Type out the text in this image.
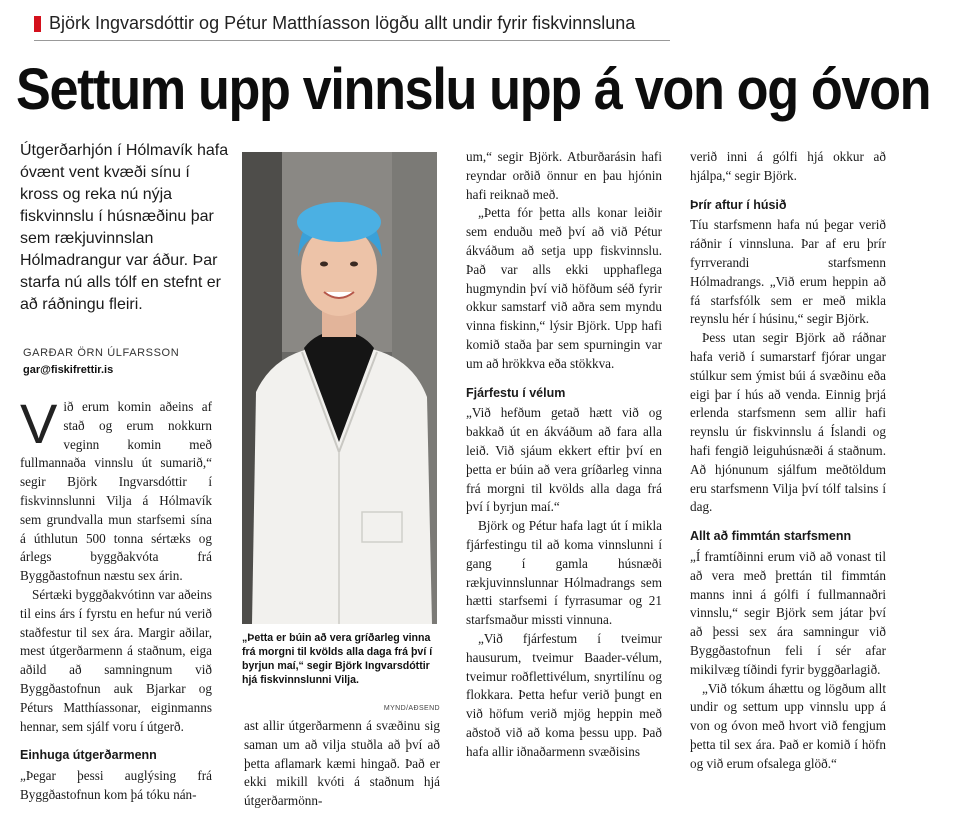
Björk Ingvarsdóttir og Pétur Matthíasson lögðu allt undir fyrir fiskvinnsluna
Settum upp vinnslu upp á von og óvon

Útgerðarhjón í Hólmavík hafa óvænt vent kvæði sínu í kross og reka nú nýja fiskvinnslu í húsnæðinu þar sem rækjuvinnslan Hólmadrangur var áður. Þar starfa nú alls tólf en stefnt er að ráðningu fleiri.

GARÐAR ÖRN ÚLFARSSON
gar@fiskifrettir.is

Við erum komin aðeins af stað og erum nokkurn veginn komin með fullmannaða vinnslu út sumarið,“ segir Björk Ingvarsdóttir í fiskvinnslunni Vilja á Hólmavík sem grundvalla mun starfsemi sína á úthlutun 500 tonna sértæks og árlegs byggðakvóta frá Byggðastofnun næstu sex árin.

Sértæki byggðakvótinn var aðeins til eins árs í fyrstu en hefur nú verið staðfestur til sex ára. Margir aðilar, mest útgerðarmenn á staðnum, eiga aðild að samningnum við Byggðastofnun auk Bjarkar og Péturs Matthíassonar, eiginmanns hennar, sem sjálf voru í útgerð.

Einhuga útgerðarmenn

„Þegar þessi auglýsing frá Byggðastofnun kom þá tóku nán-

„Þetta er búin að vera gríðarleg vinna frá morgni til kvölds alla daga frá því í byrjun maí,“ segir Björk Ingvarsdóttir hjá fiskvinnslunni Vilja.
MYND/AÐSEND

ast allir útgerðarmenn á svæðinu sig saman um að vilja stuðla að því að þetta aflamark kæmi hingað. Það er ekki mikill kvóti á staðnum hjá útgerðarmönn-

um,“ segir Björk. Atburðarásin hafi reyndar orðið önnur en þau hjónin hafi reiknað með.

„Þetta fór þetta alls konar leiðir sem enduðu með því að við Pétur ákváðum að setja upp fiskvinnslu. Það var alls ekki upphaflega hugmyndin því við höfðum séð fyrir okkur samstarf við aðra sem myndu vinna fiskinn,“ lýsir Björk. Upp hafi komið staða þar sem spurningin var um að hrökkva eða stökkva.

Fjárfestu í vélum

„Við hefðum getað hætt við og bakkað út en ákváðum að fara alla leið. Við sjáum ekkert eftir því en þetta er búin að vera gríðarleg vinna frá morgni til kvölds alla daga frá því í byrjun maí.“

Björk og Pétur hafa lagt út í mikla fjárfestingu til að koma vinnslunni í gang í gamla húsnæði rækjuvinnslunnar Hólmadrangs sem hætti starfsemi í fyrrasumar og 21 starfsmaður missti vinnuna.

„Við fjárfestum í tveimur hausurum, tveimur Baader-vélum, tveimur roðflettivélum, snyrtilínu og flokkara. Þetta hefur verið þungt en við höfum verið mjög heppin með aðstoð við að koma þessu upp. Það hafa allir iðnaðarmenn svæðisins

verið inni á gólfi hjá okkur að hjálpa,“ segir Björk.

Þrír aftur í húsið

Tíu starfsmenn hafa nú þegar verið ráðnir í vinnsluna. Þar af eru þrír fyrrverandi starfsmenn Hólmadrangs. „Við erum heppin að fá starfsfólk sem er með mikla reynslu hér í húsinu,“ segir Björk.

Þess utan segir Björk að ráðnar hafa verið í sumarstarf fjórar ungar stúlkur sem ýmist búi á svæðinu eða eigi þar í hús að venda. Einnig þrjá erlenda starfsmenn sem allir hafi reynslu úr fiskvinnslu á Íslandi og hafi fengið leiguhúsnæði á staðnum. Að hjónunum sjálfum meðtöldum eru starfsmenn Vilja því tólf talsins í dag.

Allt að fimmtán starfsmenn

„Í framtíðinni erum við að vonast til að vera með þrettán til fimmtán manns inni á gólfi í fullmannaðri vinnslu,“ segir Björk sem játar því að þessi sex ára samningur við Byggðastofnun feli í sér afar mikilvæg tíðindi fyrir byggðarlagið.

„Við tókum áhættu og lögðum allt undir og settum upp vinnslu upp á von og óvon með hvort við fengjum þetta til sex ára. Það er komið í höfn og við erum ofsalega glöð.“
